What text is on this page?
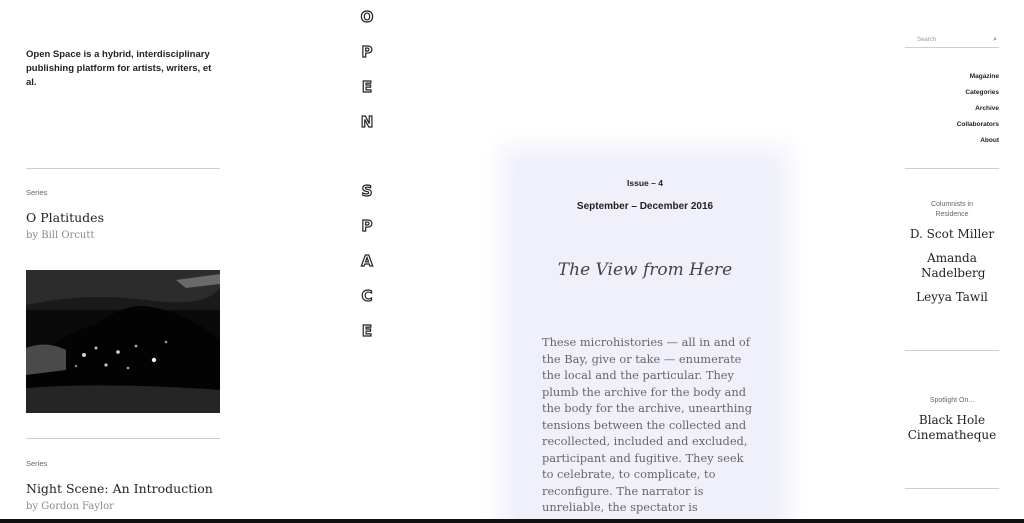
Open Space is a hybrid, interdisciplinary publishing platform for artists, writers, et al.
Series
O Platitudes
by Bill Orcutt
Series
Night Scene: An Introduction
by Gordon Faylor
O
P
E
N
S
P
A
C
E
Issue – 4
September – December 2016
The View from Here
These microhistories — all in and of the Bay, give or take — enumerate the local and the particular. They plumb the archive for the body and the body for the archive, unearthing tensions between the collected and recollected, included and excluded, participant and fugitive. They seek to celebrate, to complicate, to reconfigure. The narrator is unreliable, the spectator is
Search	⌕
Magazine
Categories
Archive
Collaborators
About
Columnists in Residence
D. Scot Miller
Amanda Nadelberg
Leyya Tawil
Spotlight On...
Black Hole Cinematheque
